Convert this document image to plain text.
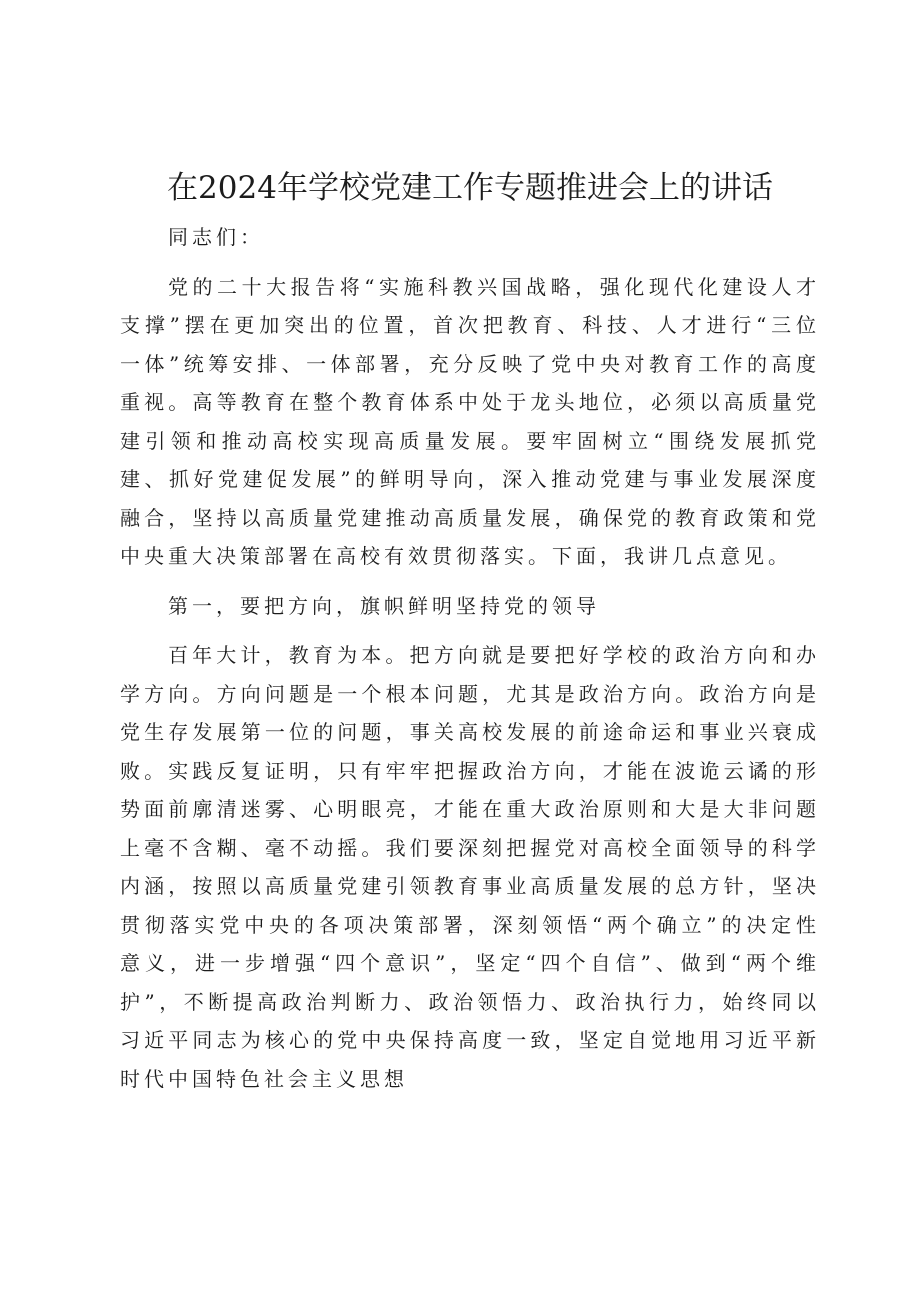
在2024年学校党建工作专题推进会上的讲话

同志们：

党的二十大报告将“实施科教兴国战略，强化现代化建设人才支撑”摆在更加突出的位置，首次把教育、科技、人才进行“三位一体”统筹安排、一体部署，充分反映了党中央对教育工作的高度重视。高等教育在整个教育体系中处于龙头地位，必须以高质量党建引领和推动高校实现高质量发展。要牢固树立“围绕发展抓党建、抓好党建促发展”的鲜明导向，深入推动党建与事业发展深度融合，坚持以高质量党建推动高质量发展，确保党的教育政策和党中央重大决策部署在高校有效贯彻落实。下面，我讲几点意见。

第一，要把方向，旗帜鲜明坚持党的领导

百年大计，教育为本。把方向就是要把好学校的政治方向和办学方向。方向问题是一个根本问题，尤其是政治方向。政治方向是党生存发展第一位的问题，事关高校发展的前途命运和事业兴衰成败。实践反复证明，只有牢牢把握政治方向，才能在波诡云谲的形势面前廓清迷雾、心明眼亮，才能在重大政治原则和大是大非问题上毫不含糊、毫不动摇。我们要深刻把握党对高校全面领导的科学内涵，按照以高质量党建引领教育事业高质量发展的总方针，坚决贯彻落实党中央的各项决策部署，深刻领悟“两个确立”的决定性意义，进一步增强“四个意识”，坚定“四个自信”、做到“两个维护”，不断提高政治判断力、政治领悟力、政治执行力，始终同以习近平同志为核心的党中央保持高度一致，坚定自觉地用习近平新时代中国特色社会主义思想
